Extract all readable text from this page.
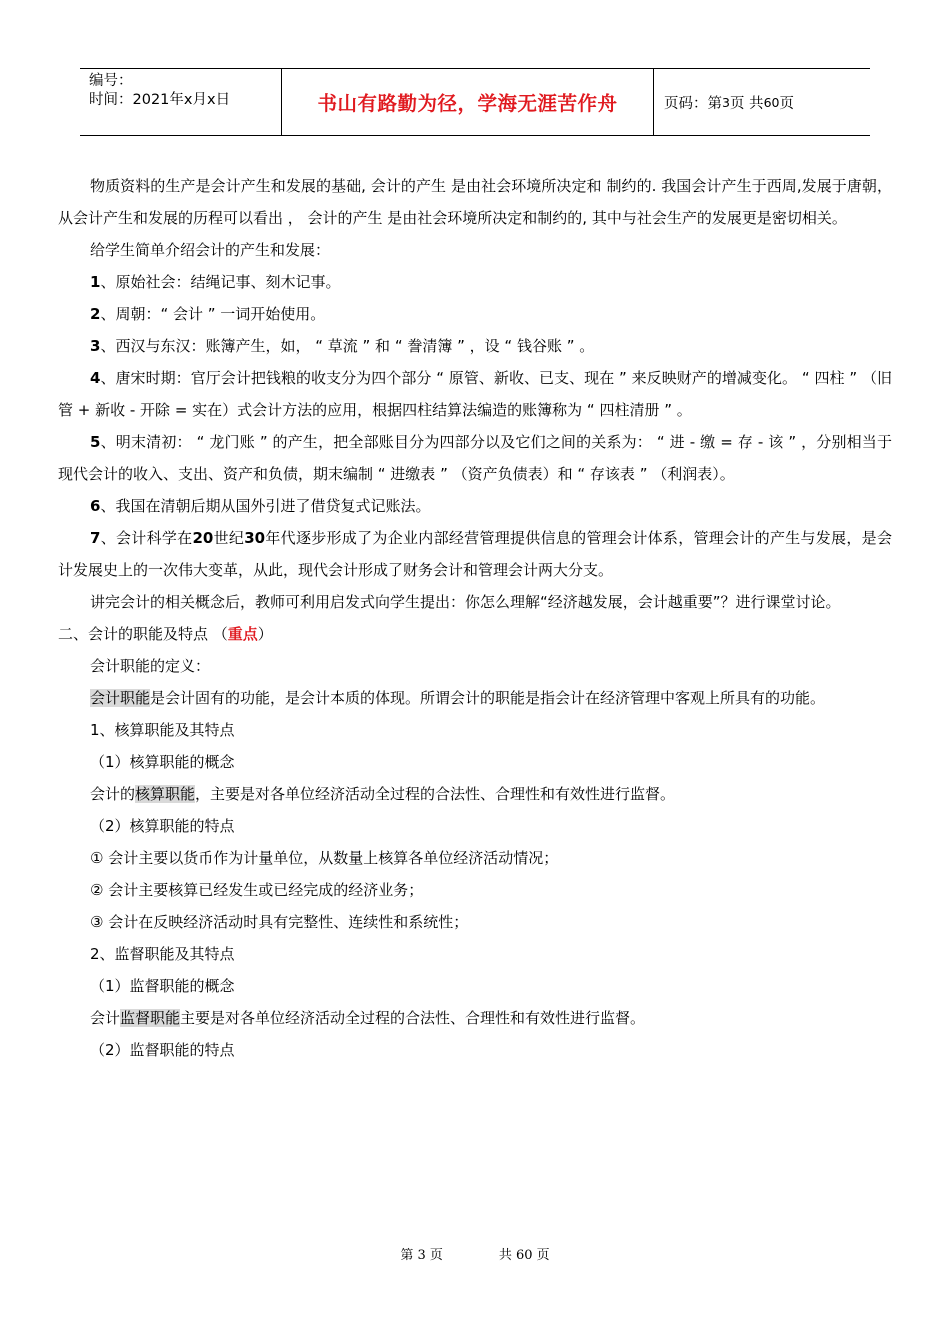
编号：
时间：2021年x月x日	书山有路勤为径，学海无涯苦作舟	页码：第 3 页 共 60 页

物质资料的生产是会计产生和发展的基础, 会计的产生 是由社会环境所决定和 制约的. 我国会计产生于西周,发展于唐朝，从会计产生和发展的历程可以看出 ， 会计的产生 是由社会环境所决定和制约的, 其中与社会生产的发展更是密切相关。

给学生简单介绍会计的产生和发展：

1、原始社会：结绳记事、刻木记事。

2、周朝：“ 会计 ” 一词开始使用。

3、西汉与东汉：账簿产生，如， “ 草流 ” 和 “ 誊清簿 ” ，设 “ 钱谷账 ” 。

4、唐宋时期：官厅会计把钱粮的收支分为四个部分 “ 原管、新收、已支、现在 ” 来反映财产的增减变化。 “ 四柱 ” （旧管 + 新收 - 开除 = 实在）式会计方法的应用，根据四柱结算法编造的账簿称为 “ 四柱清册 ” 。

5、明末清初： “ 龙门账 ” 的产生，把全部账目分为四部分以及它们之间的关系为： “ 进 - 缴 = 存 - 该 ” ，分别相当于现代会计的收入、支出、资产和负债，期末编制 “ 进缴表 ” （资产负债表）和 “ 存该表 ” （利润表）。

6、我国在清朝后期从国外引进了借贷复式记账法。

7、会计科学在20世纪30年代逐步形成了为企业内部经营管理提供信息的管理会计体系，管理会计的产生与发展，是会计发展史上的一次伟大变革，从此，现代会计形成了财务会计和管理会计两大分支。

讲完会计的相关概念后，教师可利用启发式向学生提出：你怎么理解“经济越发展，会计越重要”？进行课堂讨论。

二、会计的职能及特点 （重点）

会计职能的定义：

会计职能是会计固有的功能，是会计本质的体现。所谓会计的职能是指会计在经济管理中客观上所具有的功能。

1、核算职能及其特点

（1）核算职能的概念

会计的核算职能，主要是对各单位经济活动全过程的合法性、合理性和有效性进行监督。

（2）核算职能的特点

① 会计主要以货币作为计量单位，从数量上核算各单位经济活动情况；

② 会计主要核算已经发生或已经完成的经济业务；

③ 会计在反映经济活动时具有完整性、连续性和系统性；

2、监督职能及其特点

（1）监督职能的概念

会计监督职能主要是对各单位经济活动全过程的合法性、合理性和有效性进行监督。

（2）监督职能的特点

第 3 页	共 60 页
